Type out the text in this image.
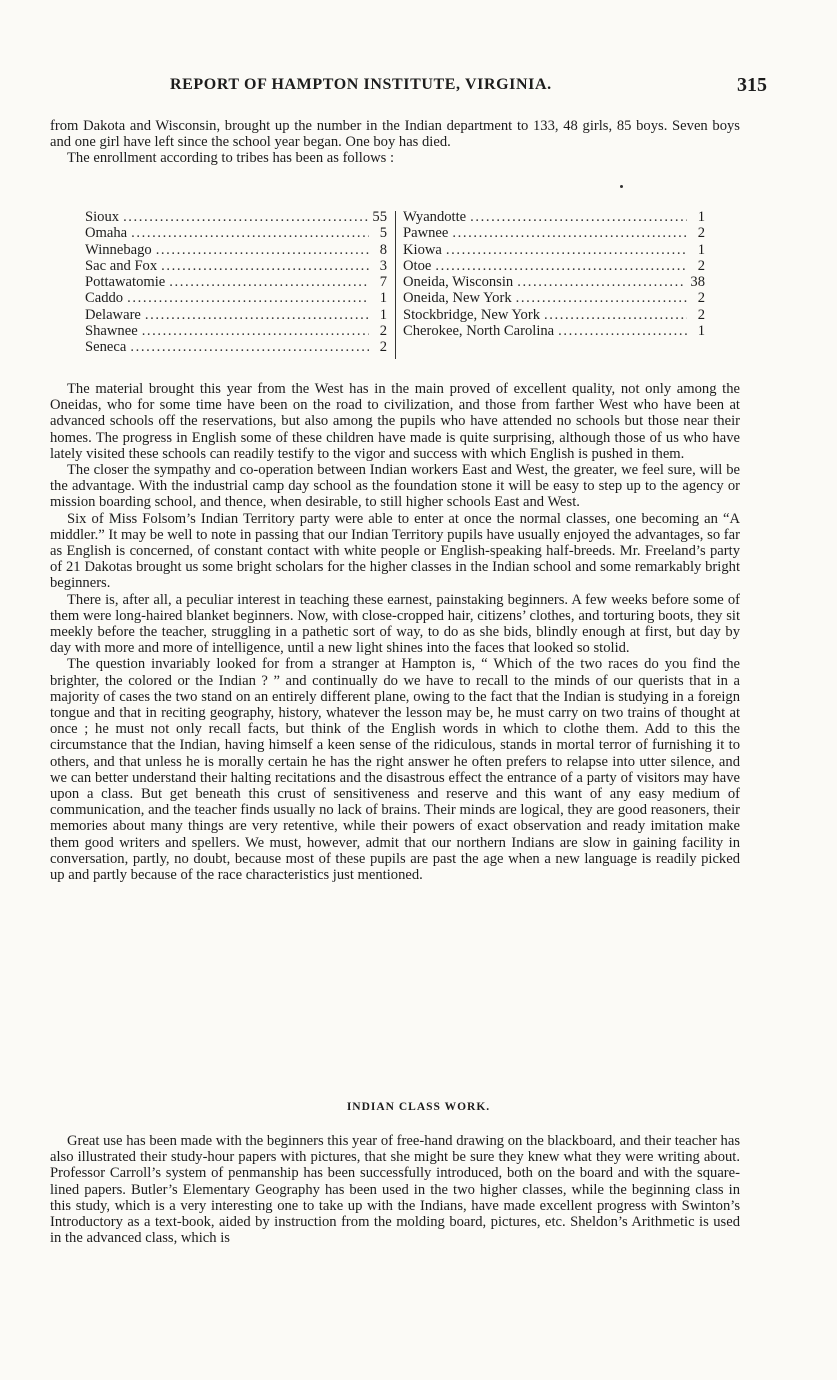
REPORT OF HAMPTON INSTITUTE, VIRGINIA.	315

from Dakota and Wisconsin, brought up the number in the Indian department to 133, 48 girls, 85 boys. Seven boys and one girl have left since the school year began. One boy has died.

The enrollment according to tribes has been as follows :

Sioux .....	55
Omaha .....	5
Winnebago .....	8
Sac and Fox .....	3
Pottawatomie .....	7
Caddo .....	1
Delaware .....	1
Shawnee .....	2
Seneca .....	2
Wyandotte .....	1
Pawnee .....	2
Kiowa .....	1
Otoe .....	2
Oneida, Wisconsin .....	38
Oneida, New York .....	2
Stockbridge, New York .....	2
Cherokee, North Carolina .....	1

The material brought this year from the West has in the main proved of excellent quality, not only among the Oneidas, who for some time have been on the road to civilization, and those from farther West who have been at advanced schools off the reservations, but also among the pupils who have attended no schools but those near their homes. The progress in English some of these children have made is quite surprising, although those of us who have lately visited these schools can readily testify to the vigor and success with which English is pushed in them.

The closer the sympathy and co-operation between Indian workers East and West, the greater, we feel sure, will be the advantage. With the industrial camp day school as the foundation stone it will be easy to step up to the agency or mission boarding school, and thence, when desirable, to still higher schools East and West.

Six of Miss Folsom’s Indian Territory party were able to enter at once the normal classes, one becoming an “A middler.” It may be well to note in passing that our Indian Territory pupils have usually enjoyed the advantages, so far as English is concerned, of constant contact with white people or English-speaking half-breeds. Mr. Freeland’s party of 21 Dakotas brought us some bright scholars for the higher classes in the Indian school and some remarkably bright beginners.

There is, after all, a peculiar interest in teaching these earnest, painstaking beginners. A few weeks before some of them were long-haired blanket beginners. Now, with close-cropped hair, citizens’ clothes, and torturing boots, they sit meekly before the teacher, struggling in a pathetic sort of way, to do as she bids, blindly enough at first, but day by day with more and more of intelligence, until a new light shines into the faces that looked so stolid.

The question invariably looked for from a stranger at Hampton is, “ Which of the two races do you find the brighter, the colored or the Indian ? ” and continually do we have to recall to the minds of our querists that in a majority of cases the two stand on an entirely different plane, owing to the fact that the Indian is studying in a foreign tongue and that in reciting geography, history, whatever the lesson may be, he must carry on two trains of thought at once ; he must not only recall facts, but think of the English words in which to clothe them. Add to this the circumstance that the Indian, having himself a keen sense of the ridiculous, stands in mortal terror of furnishing it to others, and that unless he is morally certain he has the right answer he often prefers to relapse into utter silence, and we can better understand their halting recitations and the disastrous effect the entrance of a party of visitors may have upon a class. But get beneath this crust of sensitiveness and reserve and this want of any easy medium of communication, and the teacher finds usually no lack of brains. Their minds are logical, they are good reasoners, their memories about many things are very retentive, while their powers of exact observation and ready imitation make them good writers and spellers. We must, however, admit that our northern Indians are slow in gaining facility in conversation, partly, no doubt, because most of these pupils are past the age when a new language is readily picked up and partly because of the race characteristics just mentioned.

INDIAN CLASS WORK.

Great use has been made with the beginners this year of free-hand drawing on the blackboard, and their teacher has also illustrated their study-hour papers with pictures, that she might be sure they knew what they were writing about. Professor Carroll’s system of penmanship has been successfully introduced, both on the board and with the square-lined papers. Butler’s Elementary Geography has been used in the two higher classes, while the beginning class in this study, which is a very interesting one to take up with the Indians, have made excellent progress with Swinton’s Introductory as a text-book, aided by instruction from the molding board, pictures, etc. Sheldon’s Arithmetic is used in the advanced class, which is
